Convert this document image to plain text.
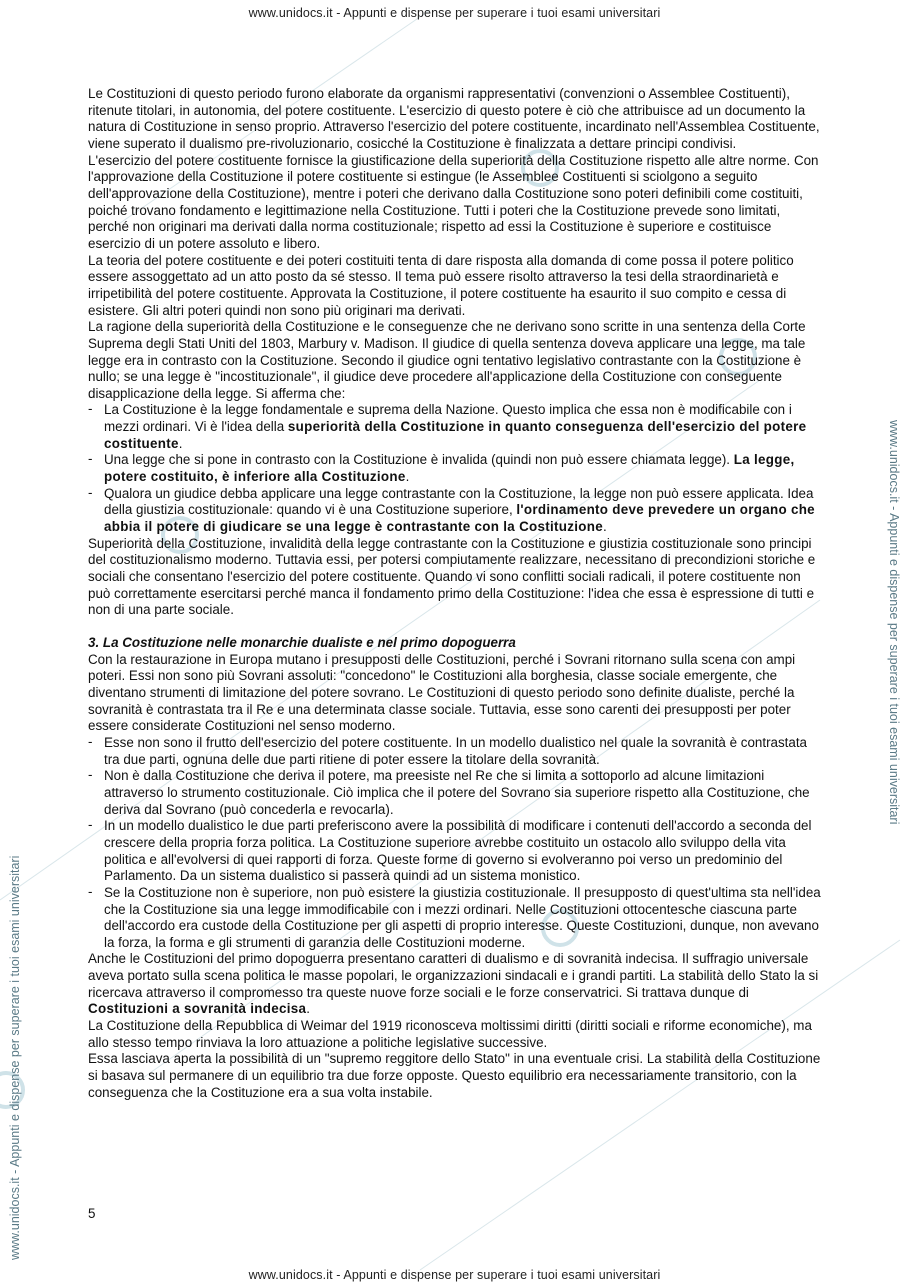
www.unidocs.it - Appunti e dispense per superare i tuoi esami universitari
www.unidocs.it - Appunti e dispense per superare i tuoi esami universitari
www.unidocs.it - Appunti e dispense per superare i tuoi esami universitari

Le Costituzioni di questo periodo furono elaborate da organismi rappresentativi (convenzioni o Assemblee Costituenti), ritenute titolari, in autonomia, del potere costituente. L'esercizio di questo potere è ciò che attribuisce ad un documento la natura di Costituzione in senso proprio. Attraverso l'esercizio del potere costituente, incardinato nell'Assemblea Costituente, viene superato il dualismo pre-rivoluzionario, cosicché la Costituzione è finalizzata a dettare principi condivisi.

L'esercizio del potere costituente fornisce la giustificazione della superiorità della Costituzione rispetto alle altre norme. Con l'approvazione della Costituzione il potere costituente si estingue (le Assemblee Costituenti si sciolgono a seguito dell'approvazione della Costituzione), mentre i poteri che derivano dalla Costituzione sono poteri definibili come costituiti, poiché trovano fondamento e legittimazione nella Costituzione. Tutti i poteri che la Costituzione prevede sono limitati, perché non originari ma derivati dalla norma costituzionale; rispetto ad essi la Costituzione è superiore e costituisce esercizio di un potere assoluto e libero.

La teoria del potere costituente e dei poteri costituiti tenta di dare risposta alla domanda di come possa il potere politico essere assoggettato ad un atto posto da sé stesso. Il tema può essere risolto attraverso la tesi della straordinarietà e irripetibilità del potere costituente. Approvata la Costituzione, il potere costituente ha esaurito il suo compito e cessa di esistere. Gli altri poteri quindi non sono più originari ma derivati.

La ragione della superiorità della Costituzione e le conseguenze che ne derivano sono scritte in una sentenza della Corte Suprema degli Stati Uniti del 1803, Marbury v. Madison. Il giudice di quella sentenza doveva applicare una legge, ma tale legge era in contrasto con la Costituzione. Secondo il giudice ogni tentativo legislativo contrastante con la Costituzione è nullo; se una legge è "incostituzionale", il giudice deve procedere all'applicazione della Costituzione con conseguente disapplicazione della legge. Si afferma che:

- La Costituzione è la legge fondamentale e suprema della Nazione. Questo implica che essa non è modificabile con i mezzi ordinari. Vi è l'idea della superiorità della Costituzione in quanto conseguenza dell'esercizio del potere costituente.
- Una legge che si pone in contrasto con la Costituzione è invalida (quindi non può essere chiamata legge). La legge, potere costituito, è inferiore alla Costituzione.
- Qualora un giudice debba applicare una legge contrastante con la Costituzione, la legge non può essere applicata. Idea della giustizia costituzionale: quando vi è una Costituzione superiore, l'ordinamento deve prevedere un organo che abbia il potere di giudicare se una legge è contrastante con la Costituzione.

Superiorità della Costituzione, invalidità della legge contrastante con la Costituzione e giustizia costituzionale sono principi del costituzionalismo moderno. Tuttavia essi, per potersi compiutamente realizzare, necessitano di precondizioni storiche e sociali che consentano l'esercizio del potere costituente. Quando vi sono conflitti sociali radicali, il potere costituente non può correttamente esercitarsi perché manca il fondamento primo della Costituzione: l'idea che essa è espressione di tutti e non di una parte sociale.

3. La Costituzione nelle monarchie dualiste e nel primo dopoguerra

Con la restaurazione in Europa mutano i presupposti delle Costituzioni, perché i Sovrani ritornano sulla scena con ampi poteri. Essi non sono più Sovrani assoluti: "concedono" le Costituzioni alla borghesia, classe sociale emergente, che diventano strumenti di limitazione del potere sovrano. Le Costituzioni di questo periodo sono definite dualiste, perché la sovranità è contrastata tra il Re e una determinata classe sociale. Tuttavia, esse sono carenti dei presupposti per poter essere considerate Costituzioni nel senso moderno.

- Esse non sono il frutto dell'esercizio del potere costituente. In un modello dualistico nel quale la sovranità è contrastata tra due parti, ognuna delle due parti ritiene di poter essere la titolare della sovranità.
- Non è dalla Costituzione che deriva il potere, ma preesiste nel Re che si limita a sottoporlo ad alcune limitazioni attraverso lo strumento costituzionale. Ciò implica che il potere del Sovrano sia superiore rispetto alla Costituzione, che deriva dal Sovrano (può concederla e revocarla).
- In un modello dualistico le due parti preferiscono avere la possibilità di modificare i contenuti dell'accordo a seconda del crescere della propria forza politica. La Costituzione superiore avrebbe costituito un ostacolo allo sviluppo della vita politica e all'evolversi di quei rapporti di forza. Queste forme di governo si evolveranno poi verso un predominio del Parlamento. Da un sistema dualistico si passerà quindi ad un sistema monistico.
- Se la Costituzione non è superiore, non può esistere la giustizia costituzionale. Il presupposto di quest'ultima sta nell'idea che la Costituzione sia una legge immodificabile con i mezzi ordinari. Nelle Costituzioni ottocentesche ciascuna parte dell'accordo era custode della Costituzione per gli aspetti di proprio interesse. Queste Costituzioni, dunque, non avevano la forza, la forma e gli strumenti di garanzia delle Costituzioni moderne.

Anche le Costituzioni del primo dopoguerra presentano caratteri di dualismo e di sovranità indecisa. Il suffragio universale aveva portato sulla scena politica le masse popolari, le organizzazioni sindacali e i grandi partiti. La stabilità dello Stato la si ricercava attraverso il compromesso tra queste nuove forze sociali e le forze conservatrici. Si trattava dunque di Costituzioni a sovranità indecisa.

La Costituzione della Repubblica di Weimar del 1919 riconosceva moltissimi diritti (diritti sociali e riforme economiche), ma allo stesso tempo rinviava la loro attuazione a politiche legislative successive.

Essa lasciava aperta la possibilità di un "supremo reggitore dello Stato" in una eventuale crisi. La stabilità della Costituzione si basava sul permanere di un equilibrio tra due forze opposte. Questo equilibrio era necessariamente transitorio, con la conseguenza che la Costituzione era a sua volta instabile.

5
www.unidocs.it - Appunti e dispense per superare i tuoi esami universitari
